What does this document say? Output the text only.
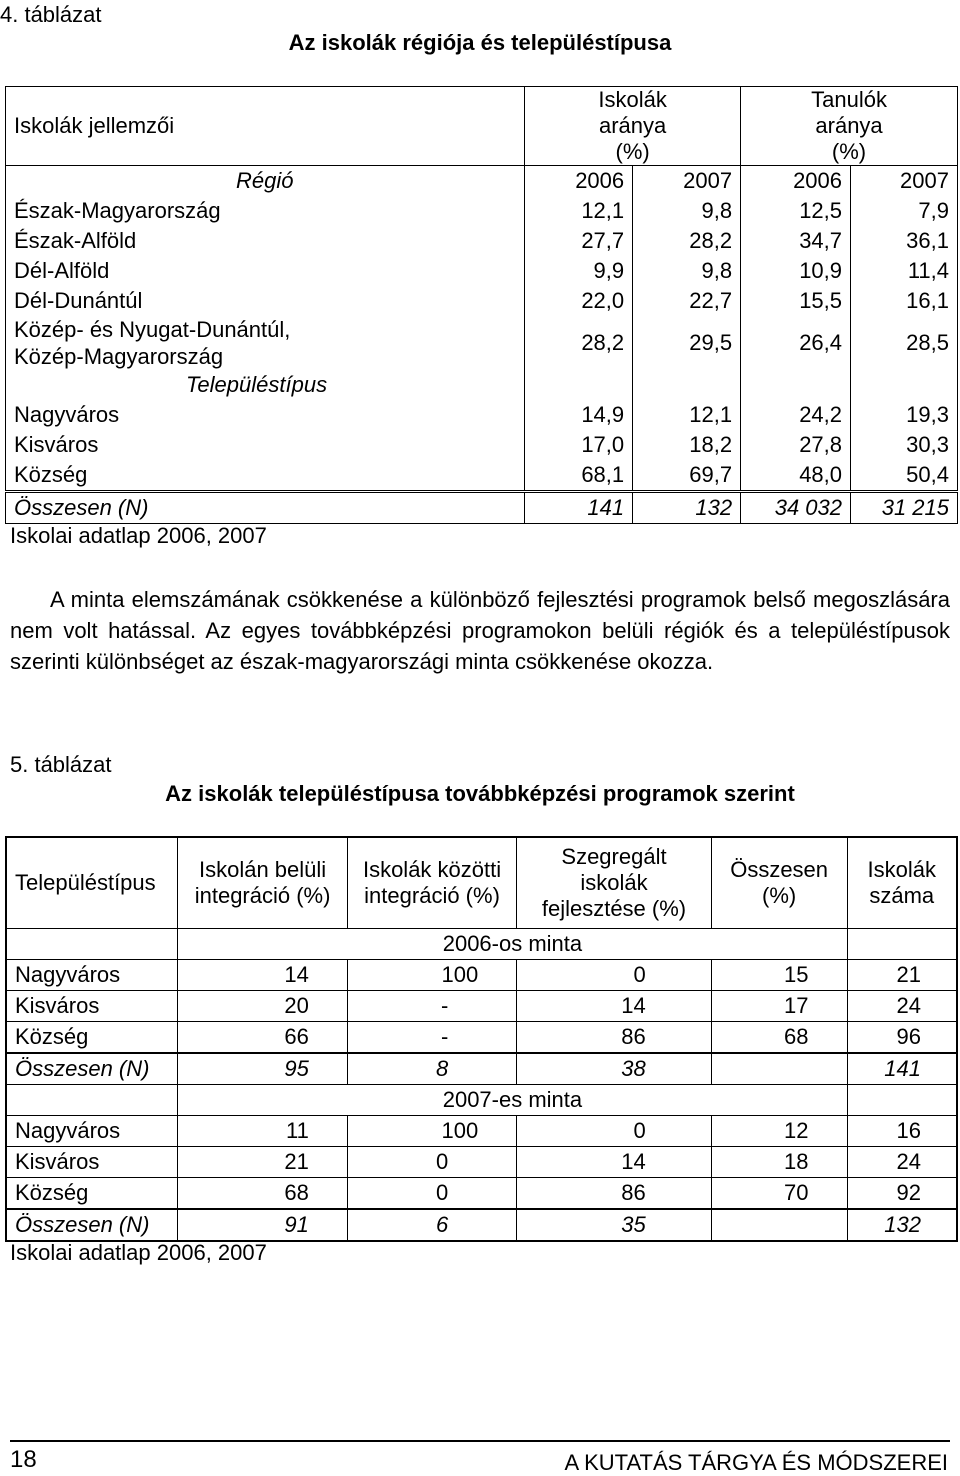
4. táblázat
Az iskolák régiója és településtípusa
Iskolák jellemzői	Iskolák aránya (%)		Tanulók aránya (%)	
Régió	2006	2007	2006	2007
Észak-Magyarország	12,1	9,8	12,5	7,9
Észak-Alföld	27,7	28,2	34,7	36,1
Dél-Alföld	9,9	9,8	10,9	11,4
Dél-Dunántúl	22,0	22,7	15,5	16,1
Közép- és Nyugat-Dunántúl, Közép-Magyarország	28,2	29,5	26,4	28,5
Településtípus				
Nagyváros	14,9	12,1	24,2	19,3
Kisváros	17,0	18,2	27,8	30,3
Község	68,1	69,7	48,0	50,4
Összesen (N)	141	132	34 032	31 215
Iskolai adatlap 2006, 2007
A minta elemszámának csökkenése a különböző fejlesztési programok belső megoszlására nem volt hatással. Az egyes továbbképzési programokon belüli régiók és a településtípusok szerinti különbséget az észak-magyarországi minta csökkenése okozza.
5. táblázat
Az iskolák településtípusa továbbképzési programok szerint
Településtípus	Iskolán belüli integráció (%)	Iskolák közötti integráció (%)	Szegregált iskolák fejlesztése (%)	Összesen (%)	Iskolák száma
	2006-os minta				
Nagyváros	14	100	0	15	21
Kisváros	20	-	14	17	24
Község	66	-	86	68	96
Összesen (N)	95	8	38		141
	2007-es minta				
Nagyváros	11	100	0	12	16
Kisváros	21	0	14	18	24
Község	68	0	86	70	92
Összesen (N)	91	6	35		132
Iskolai adatlap 2006, 2007
18	A KUTATÁS TÁRGYA ÉS MÓDSZEREI
